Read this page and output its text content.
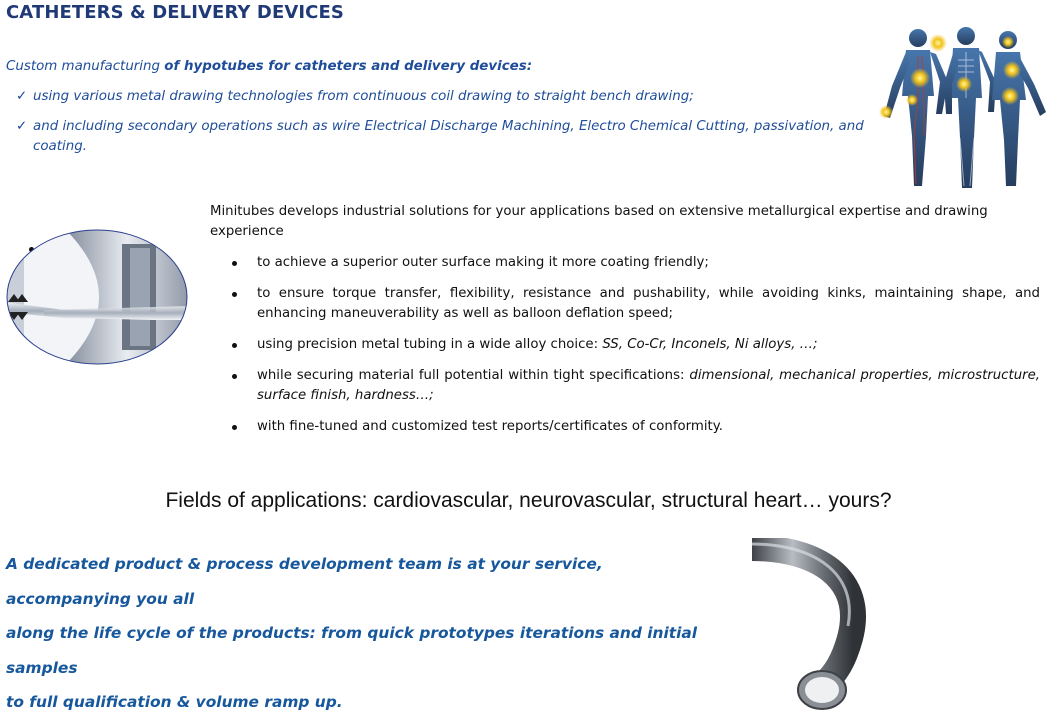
CATHETERS & DELIVERY DEVICES
Custom manufacturing of hypotubes for catheters and delivery devices:
✓ using various metal drawing technologies from continuous coil drawing to straight bench drawing;
✓ and including secondary operations such as wire Electrical Discharge Machining, Electro Chemical Cutting, passivation, and coating.
Minitubes develops industrial solutions for your applications based on extensive metallurgical expertise and drawing experience
to achieve a superior outer surface making it more coating friendly;
to ensure torque transfer, flexibility, resistance and pushability, while avoiding kinks, maintaining shape, and enhancing maneuverability as well as balloon deflation speed;
using precision metal tubing in a wide alloy choice: SS, Co-Cr, Inconels, Ni alloys, …;
while securing material full potential within tight specifications: dimensional, mechanical properties, microstructure, surface finish, hardness…;
with fine-tuned and customized test reports/certificates of conformity.
Fields of applications: cardiovascular, neurovascular, structural heart… yours?
A dedicated product & process development team is at your service, accompanying you all
along the life cycle of the products: from quick prototypes iterations and initial samples
to full qualification & volume ramp up.
